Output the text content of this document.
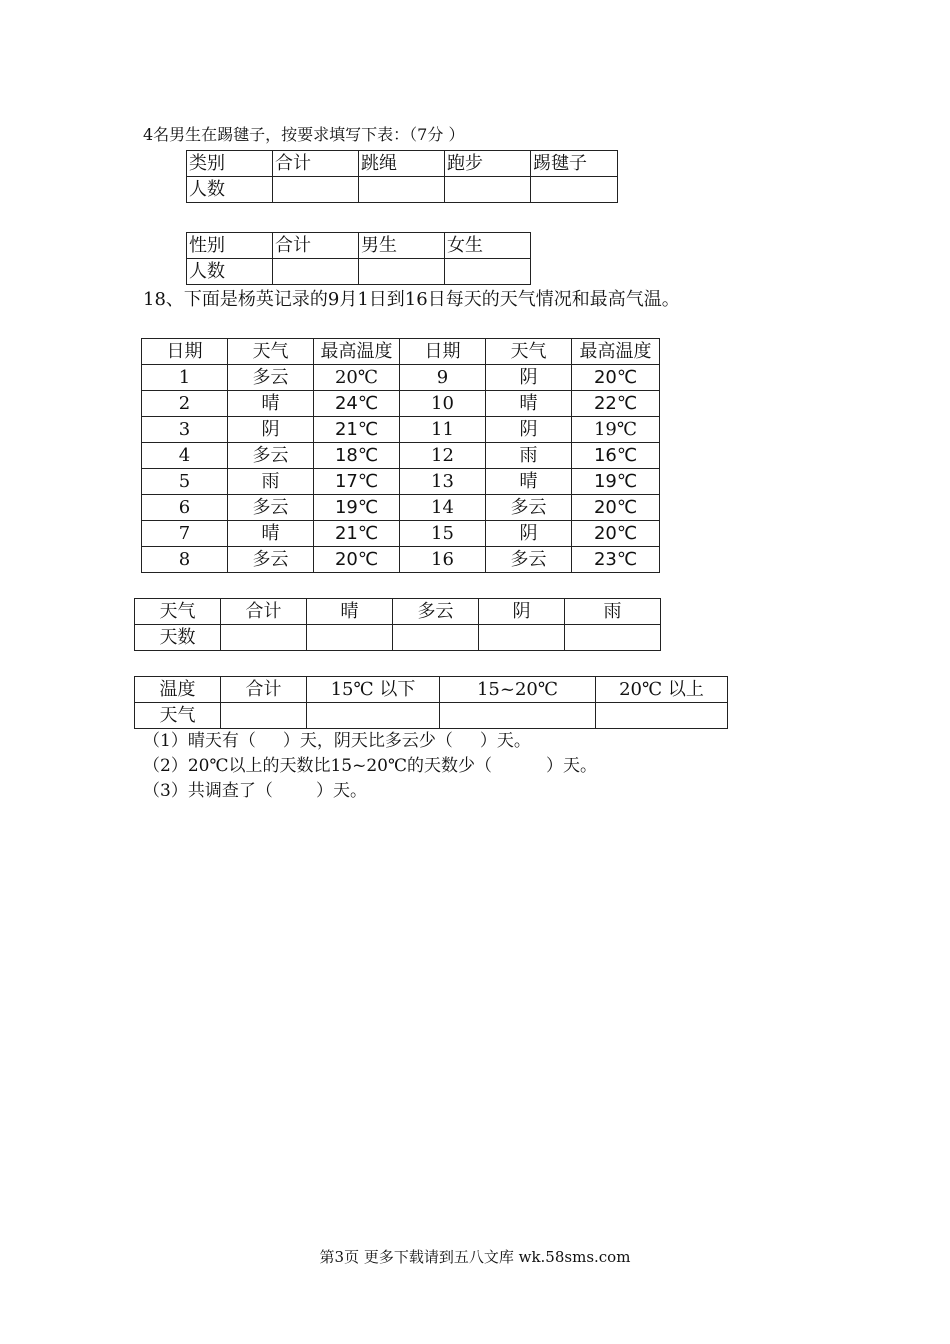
4名男生在踢毽子，按要求填写下表：（7分 ）
类别	合计	跳绳	跑步	踢毽子
人数				
性别	合计	男生	女生
人数			
18、下面是杨英记录的9月1日到16日每天的天气情况和最高气温。
日期	天气	最高温度	日期	天气	最高温度
1	多云	20℃	9	阴	20℃
2	晴	24℃	10	晴	22℃
3	阴	21℃	11	阴	19℃
4	多云	18℃	12	雨	16℃
5	雨	17℃	13	晴	19℃
6	多云	19℃	14	多云	20℃
7	晴	21℃	15	阴	20℃
8	多云	20℃	16	多云	23℃
天气	合计	晴	多云	阴	雨
天数					
温度	合计	15℃ 以下	15~20℃	20℃ 以上
天气				
（1）晴天有（     ）天，阴天比多云少（     ）天。
（2）20℃以上的天数比15~20℃的天数少（          ）天。
（3）共调查了（        ）天。
第3页 更多下载请到五八文库 wk.58sms.com
